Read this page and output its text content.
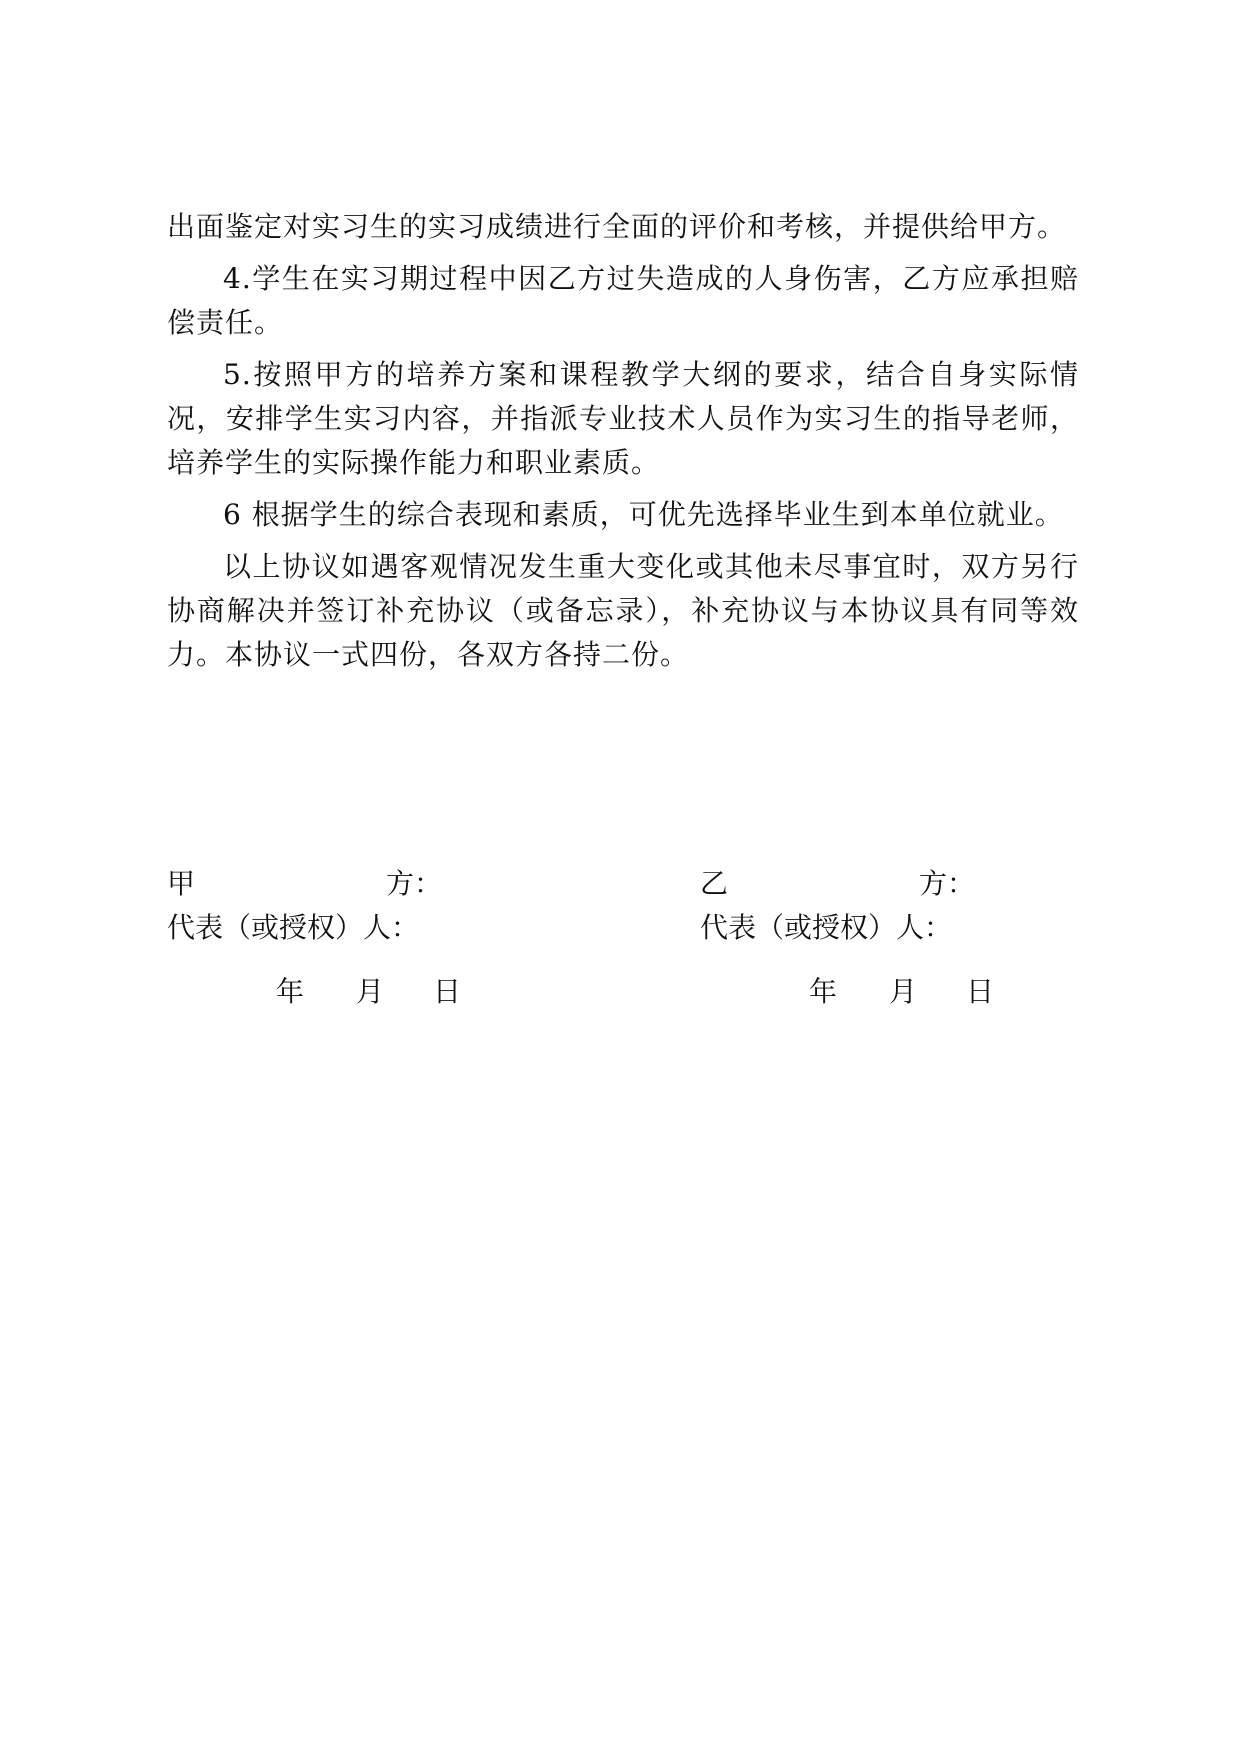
出面鉴定对实习生的实习成绩进行全面的评价和考核，并提供给甲方。

4.学生在实习期过程中因乙方过失造成的人身伤害，乙方应承担赔偿责任。

5.按照甲方的培养方案和课程教学大纲的要求，结合自身实际情况，安排学生实习内容，并指派专业技术人员作为实习生的指导老师，培养学生的实际操作能力和职业素质。

6 根据学生的综合表现和素质，可优先选择毕业生到本单位就业。

以上协议如遇客观情况发生重大变化或其他未尽事宜时，双方另行协商解决并签订补充协议（或备忘录），补充协议与本协议具有同等效力。本协议一式四份，各双方各持二份。

甲	方：
代表（或授权）人：
年 月 日
乙	方：
代表（或授权）人：
年 月 日
